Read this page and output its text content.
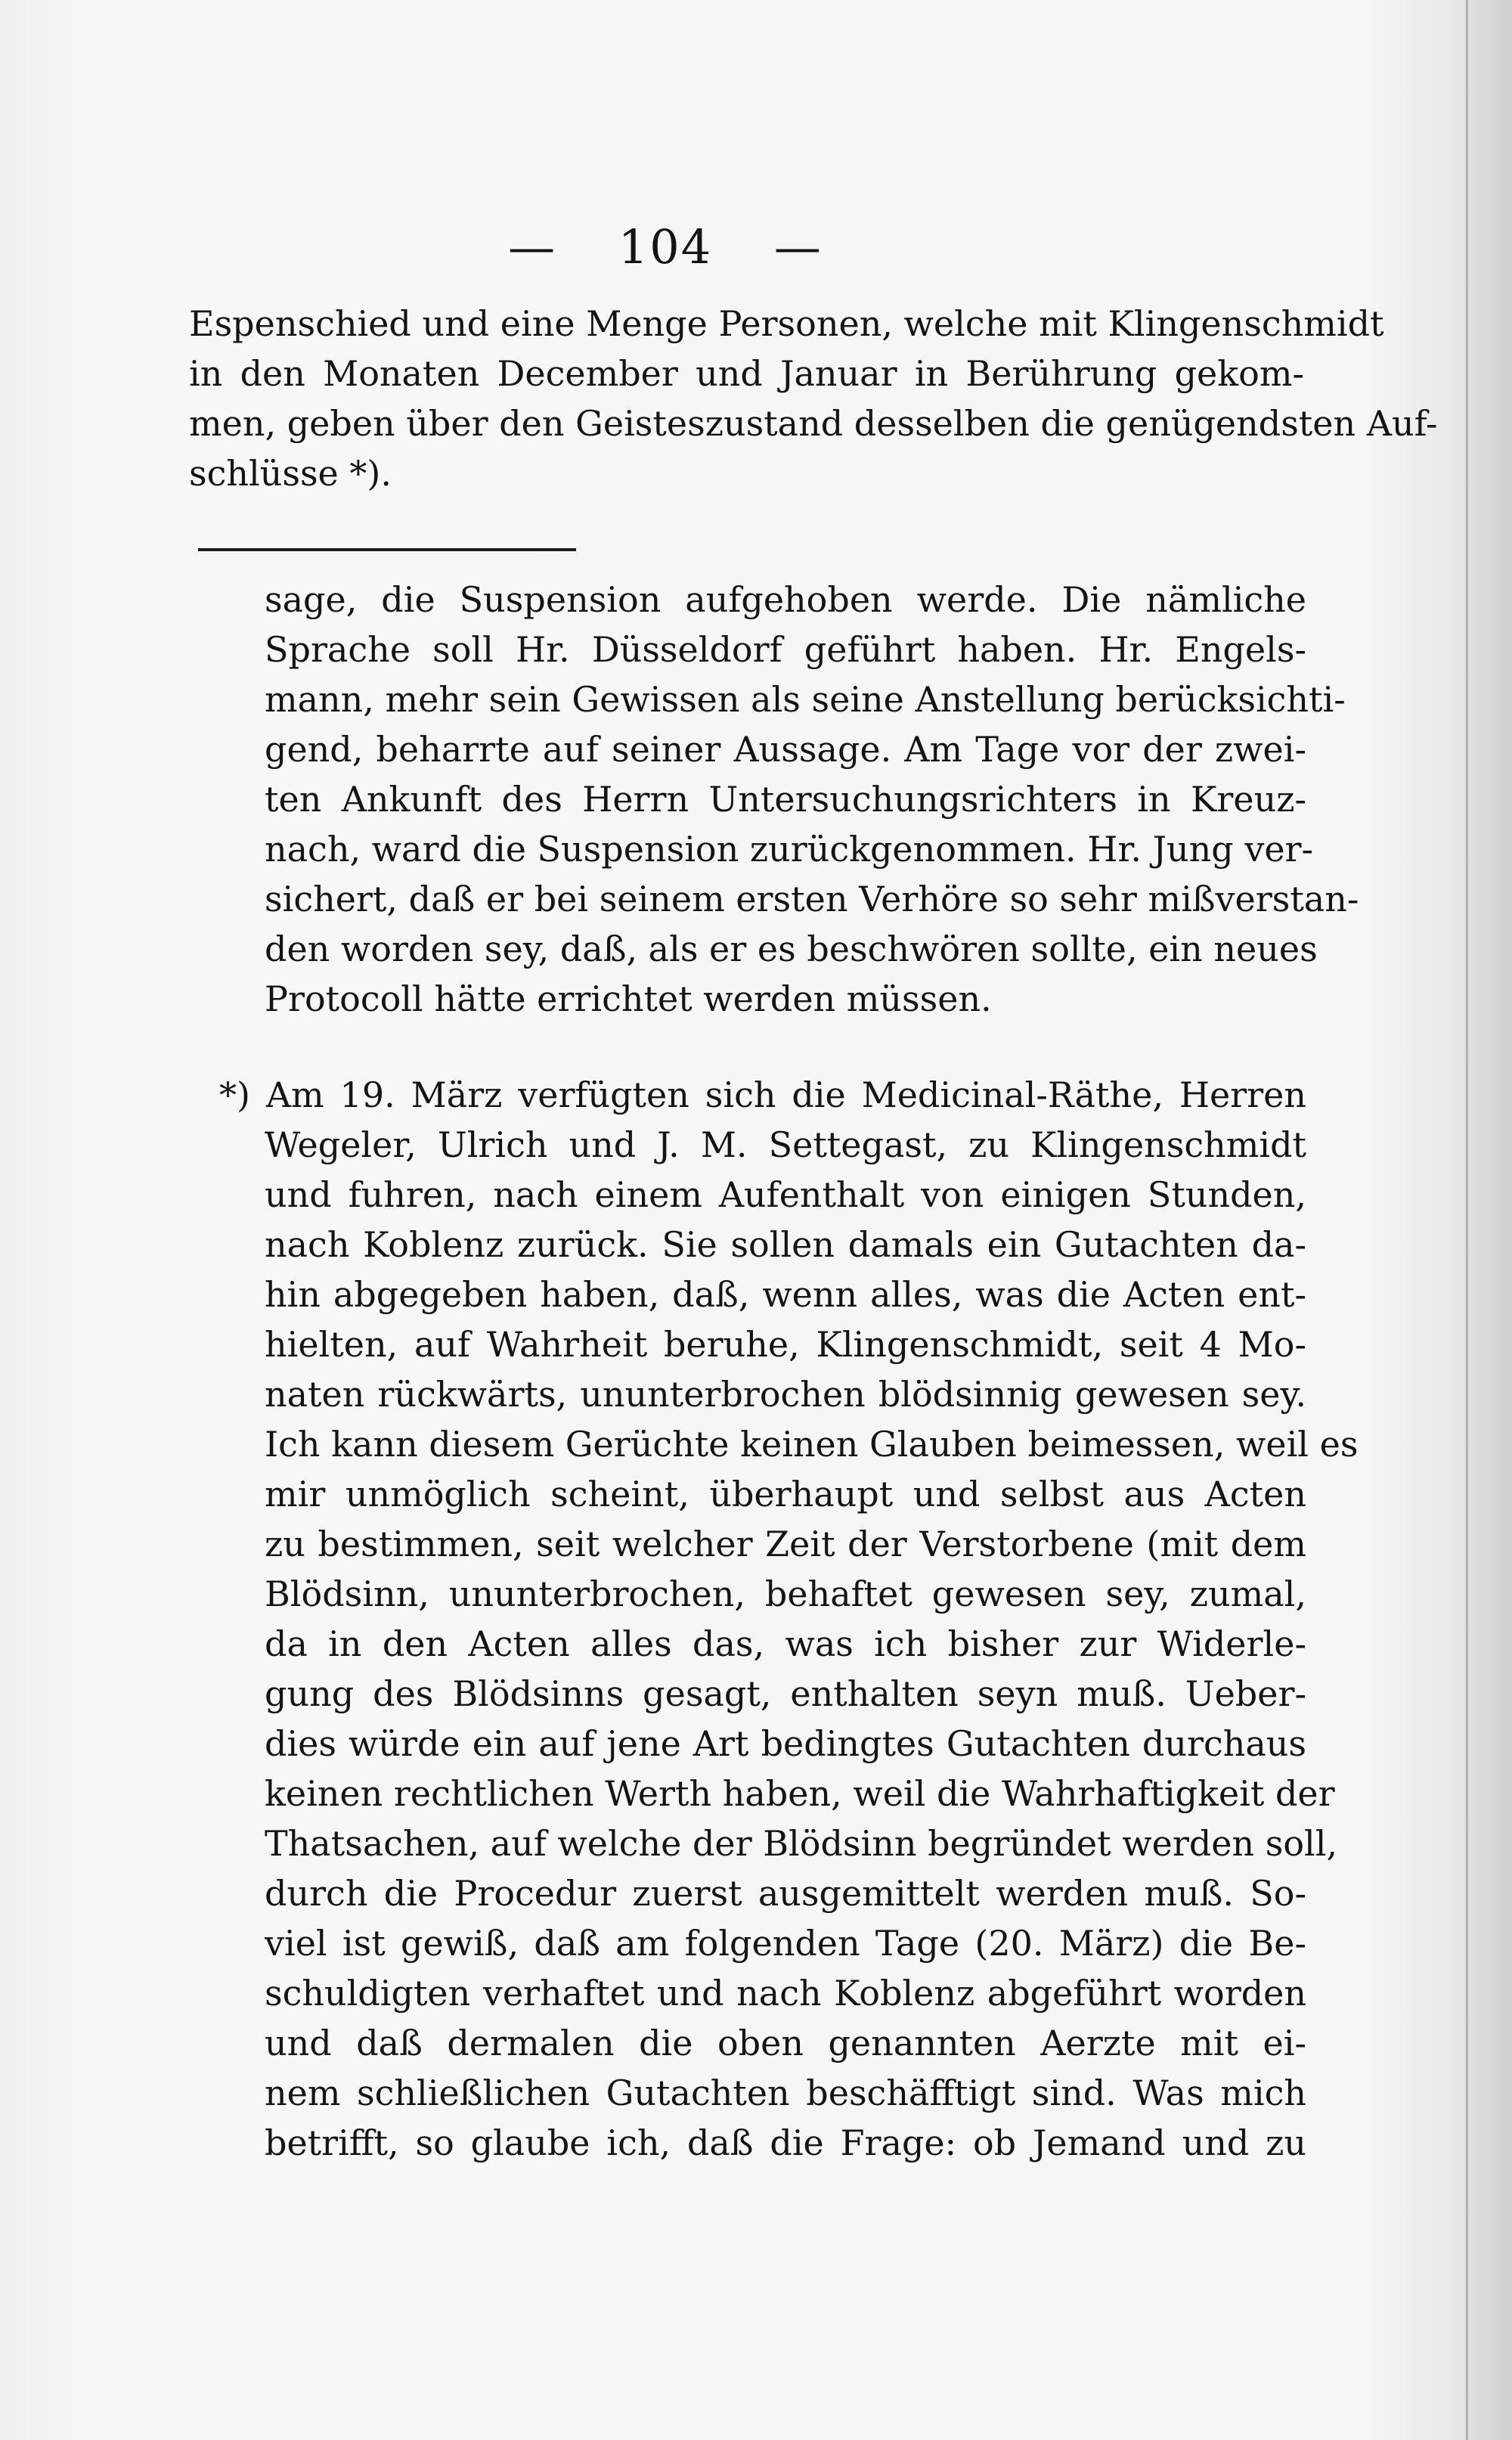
— 104 —
Espenschied und eine Menge Personen, welche mit Klingenschmidt
in den Monaten December und Januar in Berührung gekom-
men, geben über den Geisteszustand desselben die genügendsten Auf-
schlüsse *).
sage, die Suspension aufgehoben werde. Die nämliche
Sprache soll Hr. Düsseldorf geführt haben. Hr. Engels-
mann, mehr sein Gewissen als seine Anstellung berücksichti-
gend, beharrte auf seiner Aussage. Am Tage vor der zwei-
ten Ankunft des Herrn Untersuchungsrichters in Kreuz-
nach, ward die Suspension zurückgenommen. Hr. Jung ver-
sichert, daß er bei seinem ersten Verhöre so sehr mißverstan-
den worden sey, daß, als er es beschwören sollte, ein neues
Protocoll hätte errichtet werden müssen.
*) Am 19. März verfügten sich die Medicinal-Räthe, Herren
Wegeler, Ulrich und J. M. Settegast, zu Klingenschmidt
und fuhren, nach einem Aufenthalt von einigen Stunden,
nach Koblenz zurück. Sie sollen damals ein Gutachten da-
hin abgegeben haben, daß, wenn alles, was die Acten ent-
hielten, auf Wahrheit beruhe, Klingenschmidt, seit 4 Mo-
naten rückwärts, ununterbrochen blödsinnig gewesen sey.
Ich kann diesem Gerüchte keinen Glauben beimessen, weil es
mir unmöglich scheint, überhaupt und selbst aus Acten
zu bestimmen, seit welcher Zeit der Verstorbene (mit dem
Blödsinn, ununterbrochen, behaftet gewesen sey, zumal,
da in den Acten alles das, was ich bisher zur Widerle-
gung des Blödsinns gesagt, enthalten seyn muß. Ueber-
dies würde ein auf jene Art bedingtes Gutachten durchaus
keinen rechtlichen Werth haben, weil die Wahrhaftigkeit der
Thatsachen, auf welche der Blödsinn begründet werden soll,
durch die Procedur zuerst ausgemittelt werden muß. So-
viel ist gewiß, daß am folgenden Tage (20. März) die Be-
schuldigten verhaftet und nach Koblenz abgeführt worden
und daß dermalen die oben genannten Aerzte mit ei-
nem schließlichen Gutachten beschäfftigt sind. Was mich
betrifft, so glaube ich, daß die Frage: ob Jemand und zu
